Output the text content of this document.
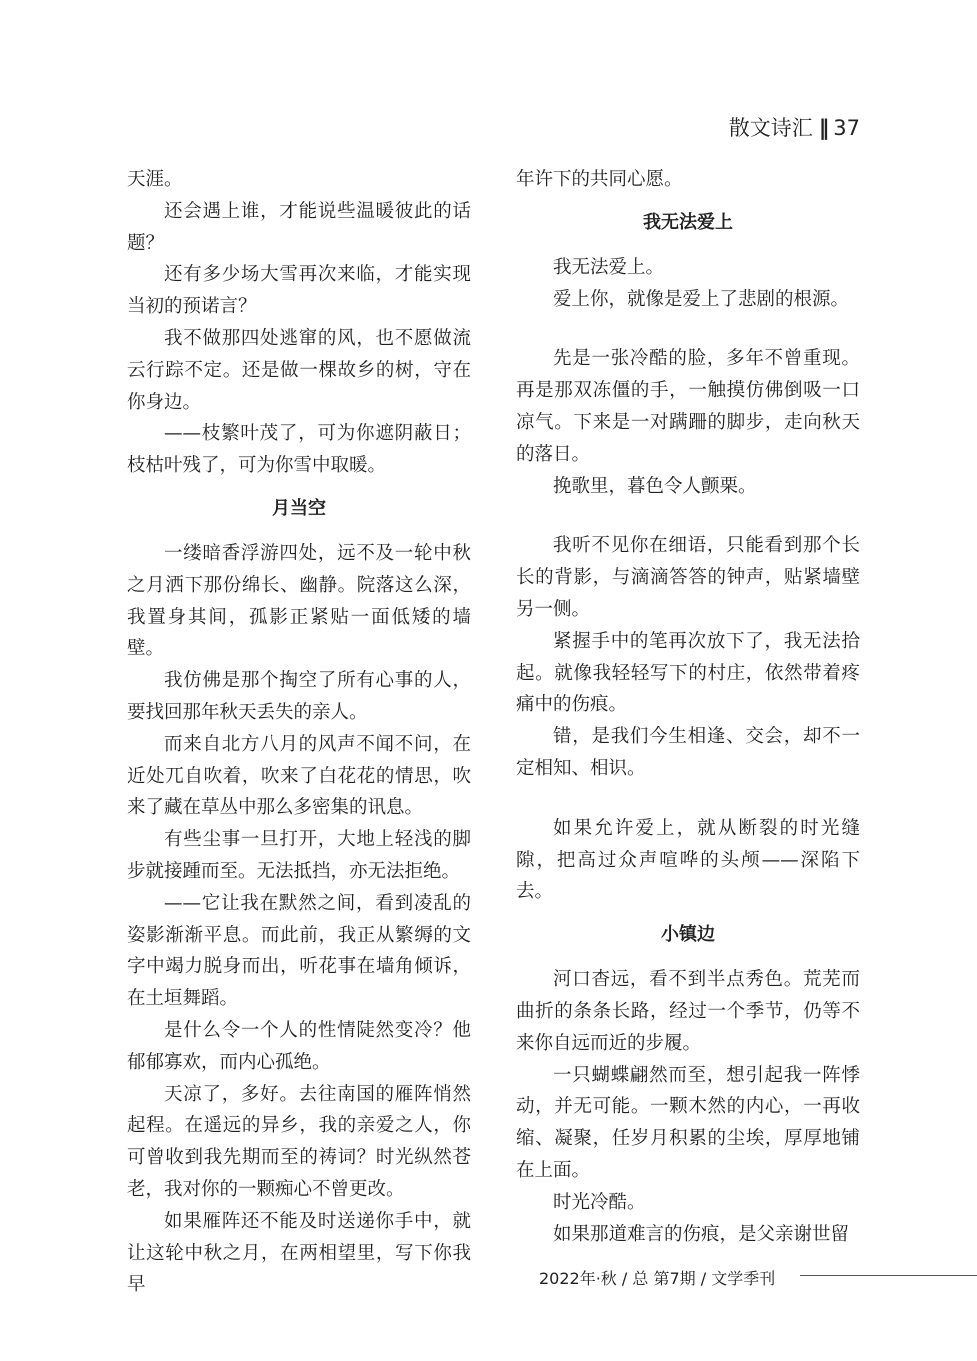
散文诗汇 ‖ 37

天涯。

还会遇上谁，才能说些温暖彼此的话题？

还有多少场大雪再次来临，才能实现当初的预诺言？

我不做那四处逃窜的风，也不愿做流云行踪不定。还是做一棵故乡的树，守在你身边。

——枝繁叶茂了，可为你遮阴蔽日；枝枯叶残了，可为你雪中取暖。

月当空

一缕暗香浮游四处，远不及一轮中秋之月洒下那份绵长、幽静。院落这么深，我置身其间，孤影正紧贴一面低矮的墙壁。

我仿佛是那个掏空了所有心事的人，要找回那年秋天丢失的亲人。

而来自北方八月的风声不闻不问，在近处兀自吹着，吹来了白花花的情思，吹来了藏在草丛中那么多密集的讯息。

有些尘事一旦打开，大地上轻浅的脚步就接踵而至。无法抵挡，亦无法拒绝。

——它让我在默然之间，看到凌乱的姿影渐渐平息。而此前，我正从繁缛的文字中竭力脱身而出，听花事在墙角倾诉，在土垣舞蹈。

是什么令一个人的性情陡然变冷？他郁郁寡欢，而内心孤绝。

天凉了，多好。去往南国的雁阵悄然起程。在遥远的异乡，我的亲爱之人，你可曾收到我先期而至的祷词？时光纵然苍老，我对你的一颗痴心不曾更改。

如果雁阵还不能及时送递你手中，就让这轮中秋之月，在两相望里，写下你我早

年许下的共同心愿。

我无法爱上

我无法爱上。

爱上你，就像是爱上了悲剧的根源。

先是一张冷酷的脸，多年不曾重现。再是那双冻僵的手，一触摸仿佛倒吸一口凉气。下来是一对蹒跚的脚步，走向秋天的落日。

挽歌里，暮色令人颤栗。

我听不见你在细语，只能看到那个长长的背影，与滴滴答答的钟声，贴紧墙壁另一侧。

紧握手中的笔再次放下了，我无法拾起。就像我轻轻写下的村庄，依然带着疼痛中的伤痕。

错，是我们今生相逢、交会，却不一定相知、相识。

如果允许爱上，就从断裂的时光缝隙，把高过众声喧哗的头颅——深陷下去。

小镇边

河口杳远，看不到半点秀色。荒芜而曲折的条条长路，经过一个季节，仍等不来你自远而近的步履。

一只蝴蝶翩然而至，想引起我一阵悸动，并无可能。一颗木然的内心，一再收缩、凝聚，任岁月积累的尘埃，厚厚地铺在上面。

时光冷酷。

如果那道难言的伤痕，是父亲谢世留

2022年·秋 / 总 第7期 / 文学季刊
